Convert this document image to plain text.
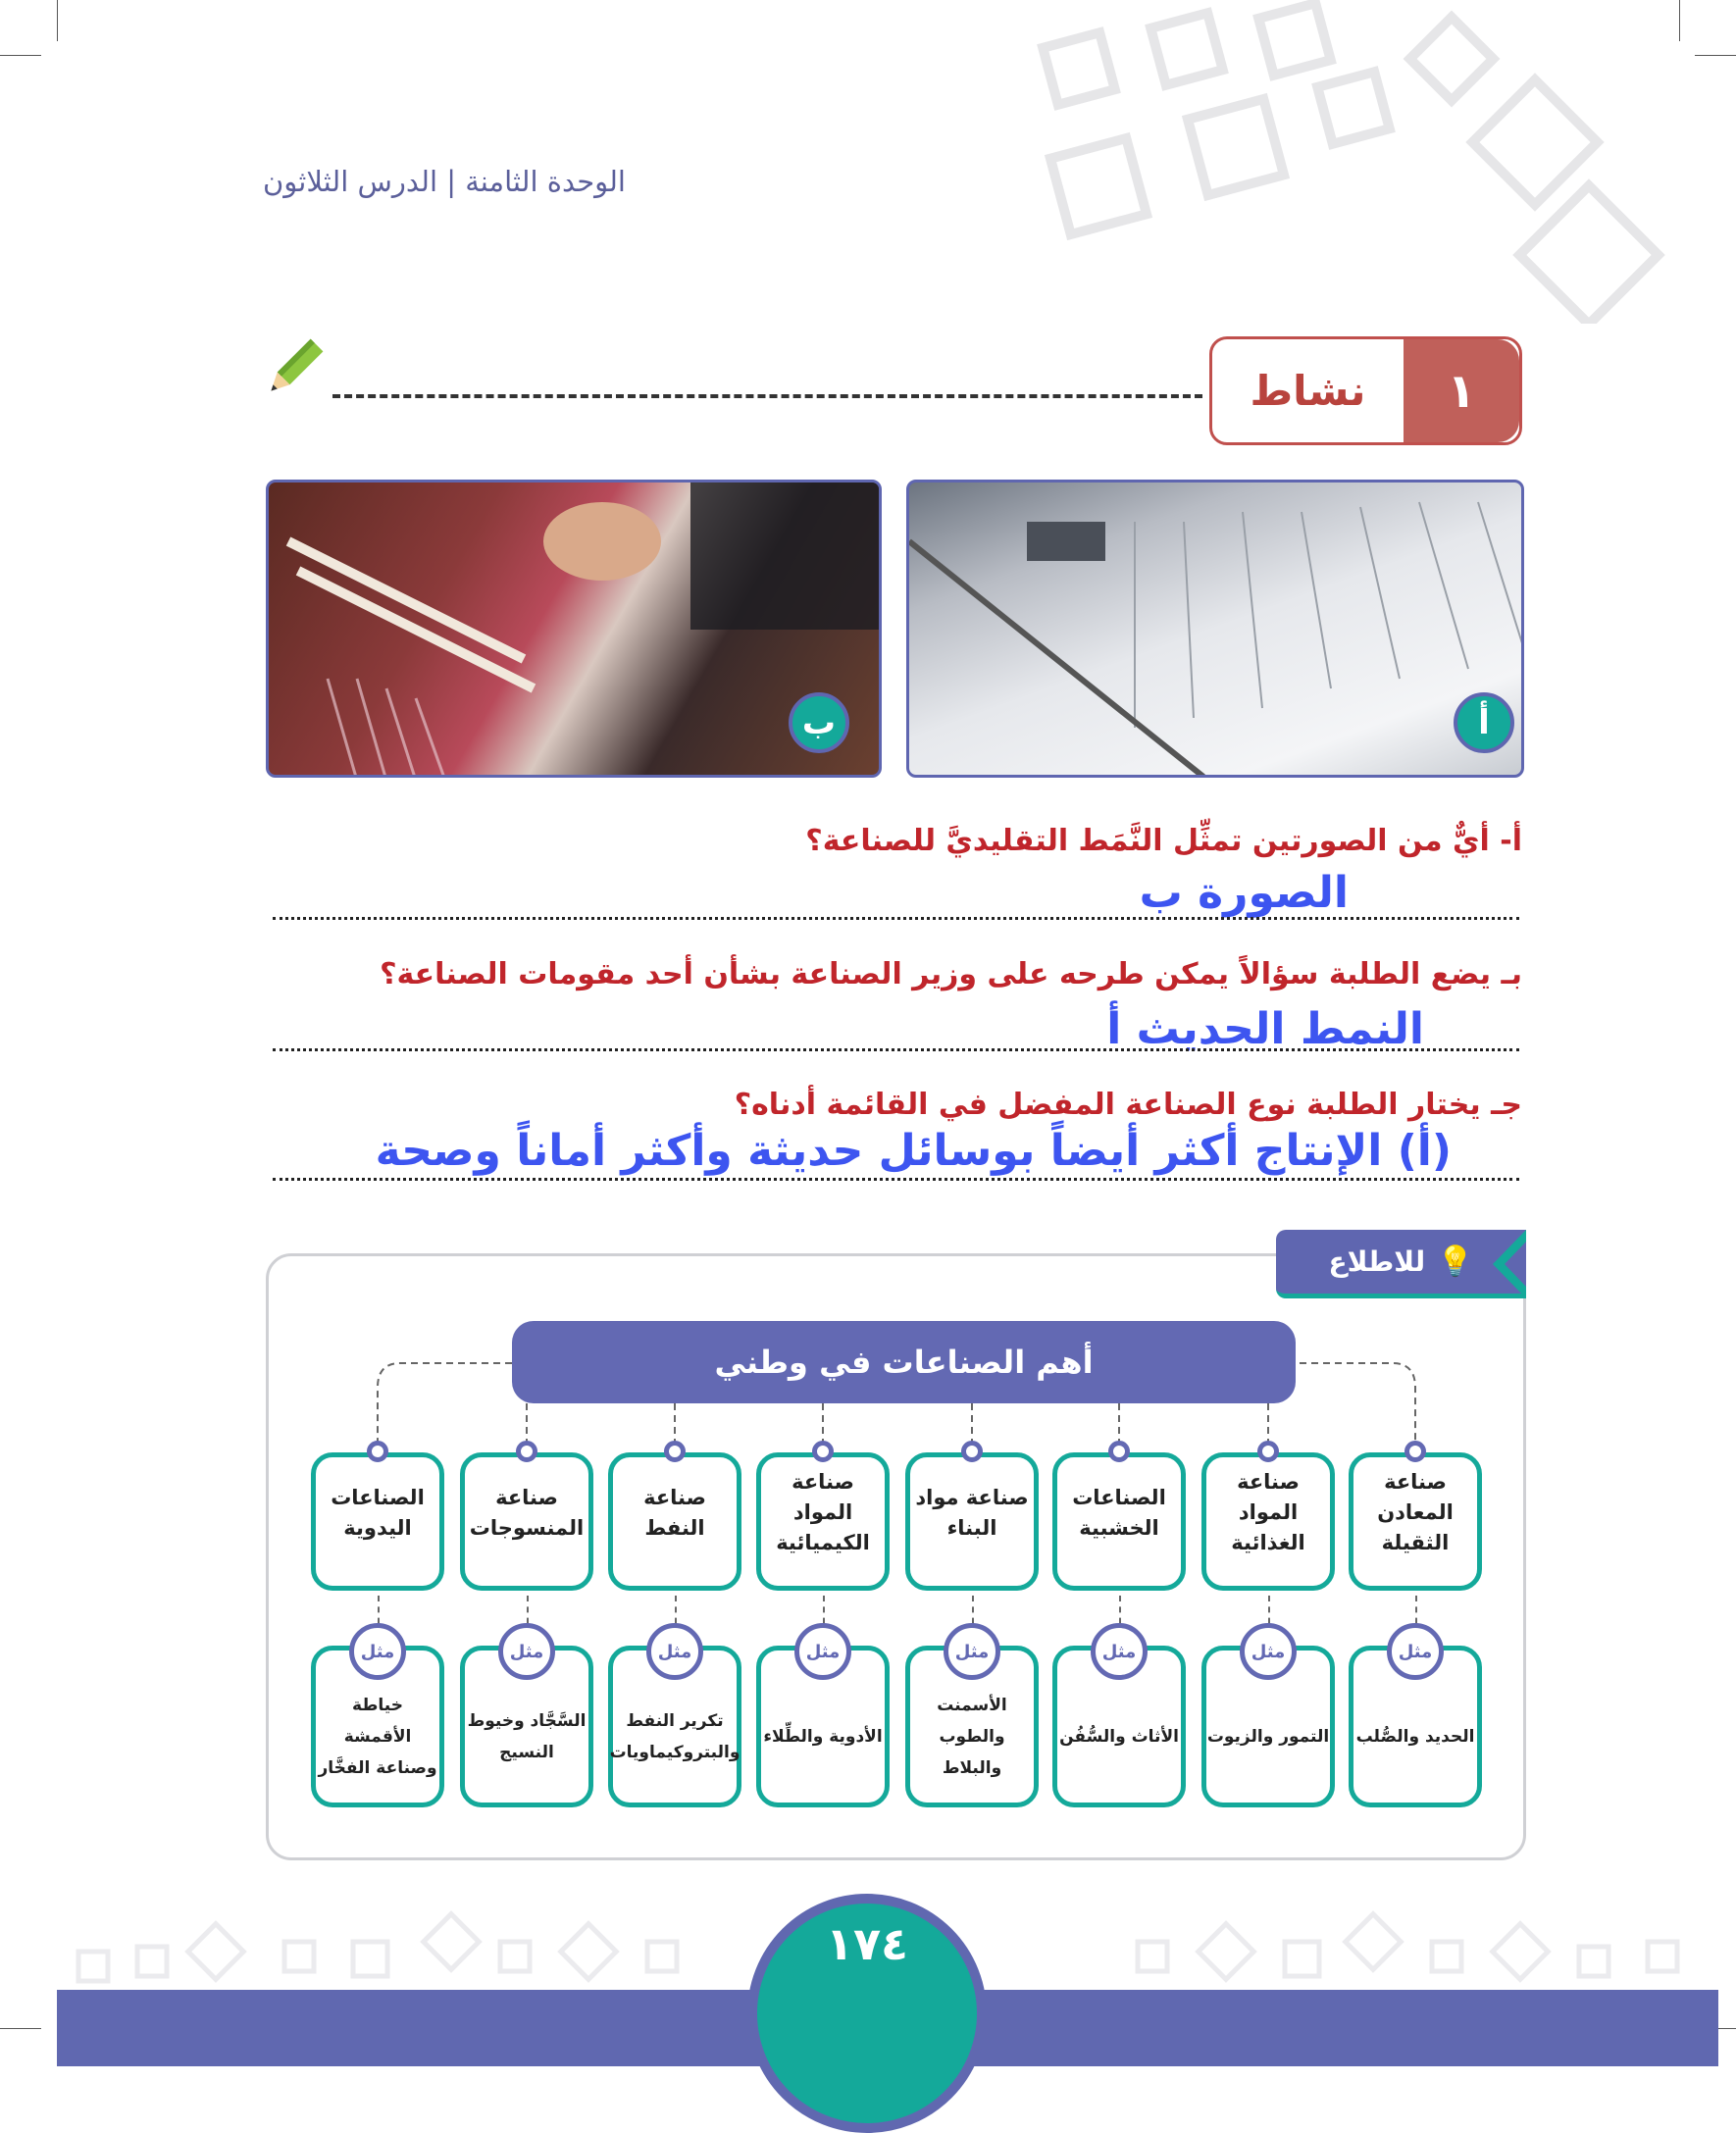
الوحدة الثامنة | الدرس الثلاثون
نشاط	١
ب	أ
أ- أيٌّ من الصورتين تمثِّل النَّمَط التقليديَّ للصناعة؟
الصورة ب
بـ يضع الطلبة سؤالاً يمكن طرحه على وزير الصناعة بشأن أحد مقومات الصناعة؟
النمط الحديث أ
جـ يختار الطلبة نوع الصناعة المفضل في القائمة أدناه؟
(أ) الإنتاج أكثر أيضاً بوسائل حديثة وأكثر أماناً وصحة
💡
للاطلاع
أهم الصناعات في وطني
صناعة المعادن الثقيلة
الحديد والصُّلب
مثل
صناعة المواد الغذائية
التمور والزيوت
مثل
الصناعات الخشبية
الأثاث والسُّفُن
مثل
صناعة مواد البناء
الأسمنت والطوب والبلاط
مثل
صناعة المواد الكيميائية
الأدوية والطِّلاء
مثل
صناعة النفط
تكرير النفط والبتروكيماويات
مثل
صناعة المنسوجات
السَّجَّاد وخيوط النسيج
مثل
الصناعات اليدوية
خياطة الأقمشة وصناعة الفخَّار
مثل
١٧٤
